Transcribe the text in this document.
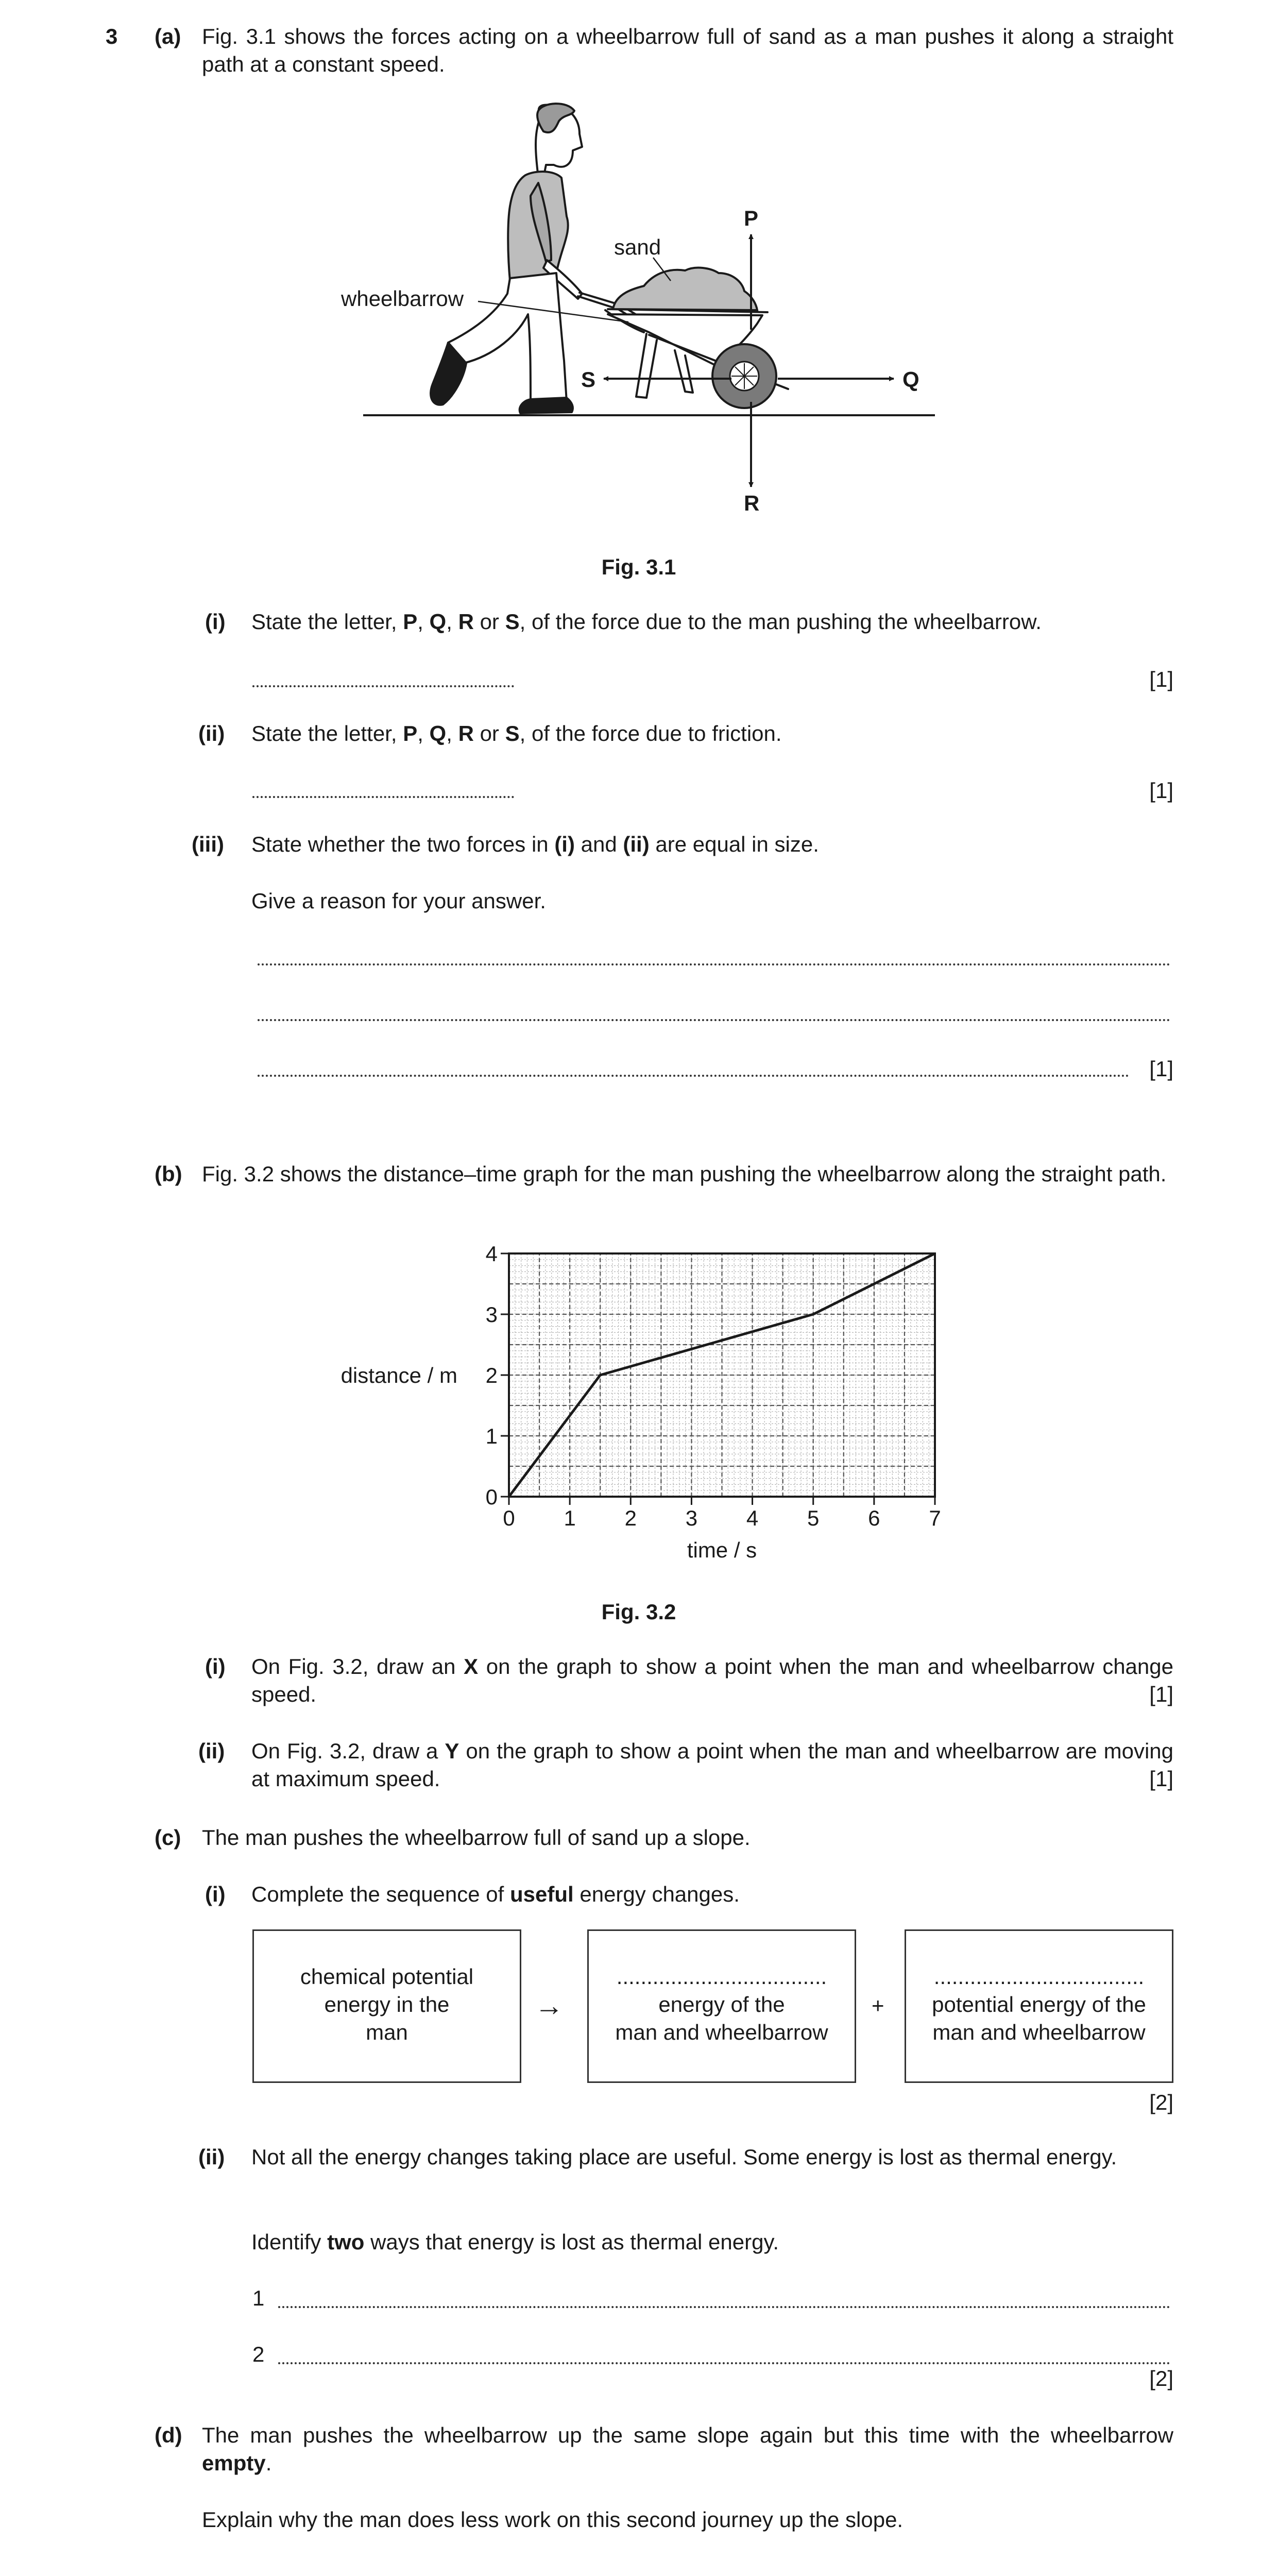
3 (a) Fig. 3.1 shows the forces acting on a wheelbarrow full of sand as a man pushes it along a straight path at a constant speed.
wheelbarrow
sand
P
Q
R
S
Fig. 3.1
(i) State the letter, P, Q, R or S, of the force due to the man pushing the wheelbarrow.
[1]
(ii) State the letter, P, Q, R or S, of the force due to friction.
[1]
(iii) State whether the two forces in (i) and (ii) are equal in size.
Give a reason for your answer.
[1]
(b) Fig. 3.2 shows the distance–time graph for the man pushing the wheelbarrow along the straight path.
0 1 2 3 4 5 6 7
0
1
2
3
4
distance / m
time / s
Fig. 3.2
(i) On Fig. 3.2, draw an X on the graph to show a point when the man and wheelbarrow change speed.	[1]
(ii) On Fig. 3.2, draw a Y on the graph to show a point when the man and wheelbarrow are moving at maximum speed.	[1]
(c) The man pushes the wheelbarrow full of sand up a slope.
(i) Complete the sequence of useful energy changes.
chemical potential
energy in the
man
→
...................................
energy of the
man and wheelbarrow
+
...................................
potential energy of the
man and wheelbarrow
[2]
(ii) Not all the energy changes taking place are useful. Some energy is lost as thermal energy.
Identify two ways that energy is lost as thermal energy.
1
2
[2]
(d) The man pushes the wheelbarrow up the same slope again but this time with the wheelbarrow empty.
Explain why the man does less work on this second journey up the slope.
